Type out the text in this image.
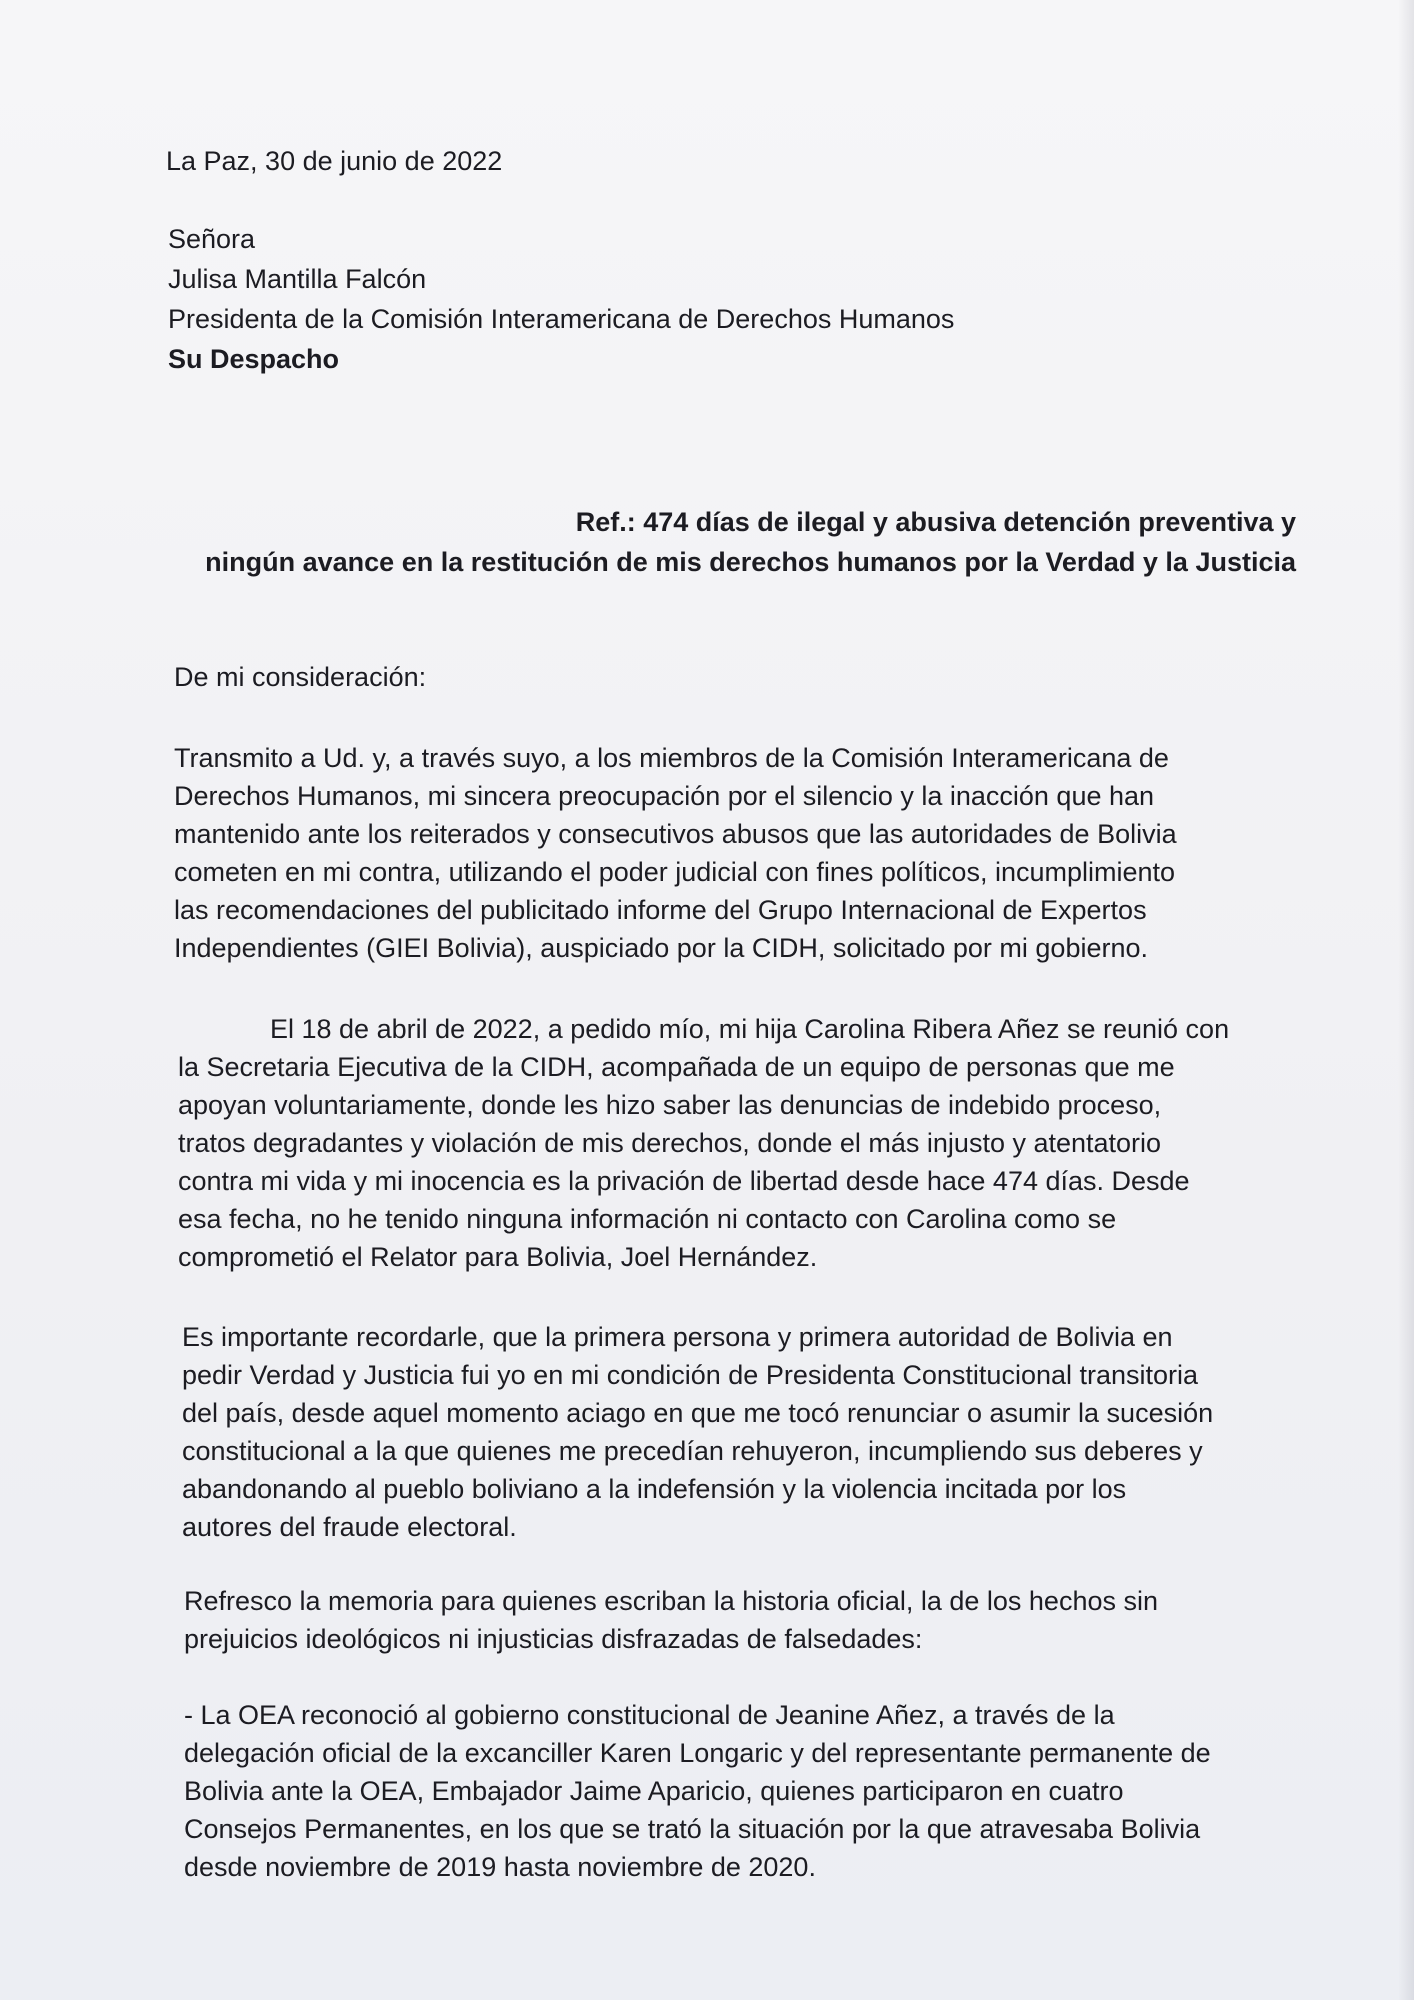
La Paz, 30 de junio de 2022
Señora
Julisa Mantilla Falcón
Presidenta de la Comisión Interamericana de Derechos Humanos
Su Despacho
Ref.: 474 días de ilegal y abusiva detención preventiva y
ningún avance en la restitución de mis derechos humanos por la Verdad y la Justicia
De mi consideración:
Transmito a Ud. y, a través suyo, a los miembros de la Comisión Interamericana de
Derechos Humanos, mi sincera preocupación por el silencio y la inacción que han
mantenido ante los reiterados y consecutivos abusos que las autoridades de Bolivia
cometen en mi contra, utilizando el poder judicial con fines políticos, incumplimiento
las recomendaciones del publicitado informe del Grupo Internacional de Expertos
Independientes (GIEI Bolivia), auspiciado por la CIDH, solicitado por mi gobierno.
El 18 de abril de 2022, a pedido mío, mi hija Carolina Ribera Añez se reunió con
la Secretaria Ejecutiva de la CIDH, acompañada de un equipo de personas que me
apoyan voluntariamente, donde les hizo saber las denuncias de indebido proceso,
tratos degradantes y violación de mis derechos, donde el más injusto y atentatorio
contra mi vida y mi inocencia es la privación de libertad desde hace 474 días. Desde
esa fecha, no he tenido ninguna información ni contacto con Carolina como se
comprometió el Relator para Bolivia, Joel Hernández.
Es importante recordarle, que la primera persona y primera autoridad de Bolivia en
pedir Verdad y Justicia fui yo en mi condición de Presidenta Constitucional transitoria
del país, desde aquel momento aciago en que me tocó renunciar o asumir la sucesión
constitucional a la que quienes me precedían rehuyeron, incumpliendo sus deberes y
abandonando al pueblo boliviano a la indefensión y la violencia incitada por los
autores del fraude electoral.
Refresco la memoria para quienes escriban la historia oficial, la de los hechos sin
prejuicios ideológicos ni injusticias disfrazadas de falsedades:
- La OEA reconoció al gobierno constitucional de Jeanine Añez, a través de la
delegación oficial de la excanciller Karen Longaric y del representante permanente de
Bolivia ante la OEA, Embajador Jaime Aparicio, quienes participaron en cuatro
Consejos Permanentes, en los que se trató la situación por la que atravesaba Bolivia
desde noviembre de 2019 hasta noviembre de 2020.
